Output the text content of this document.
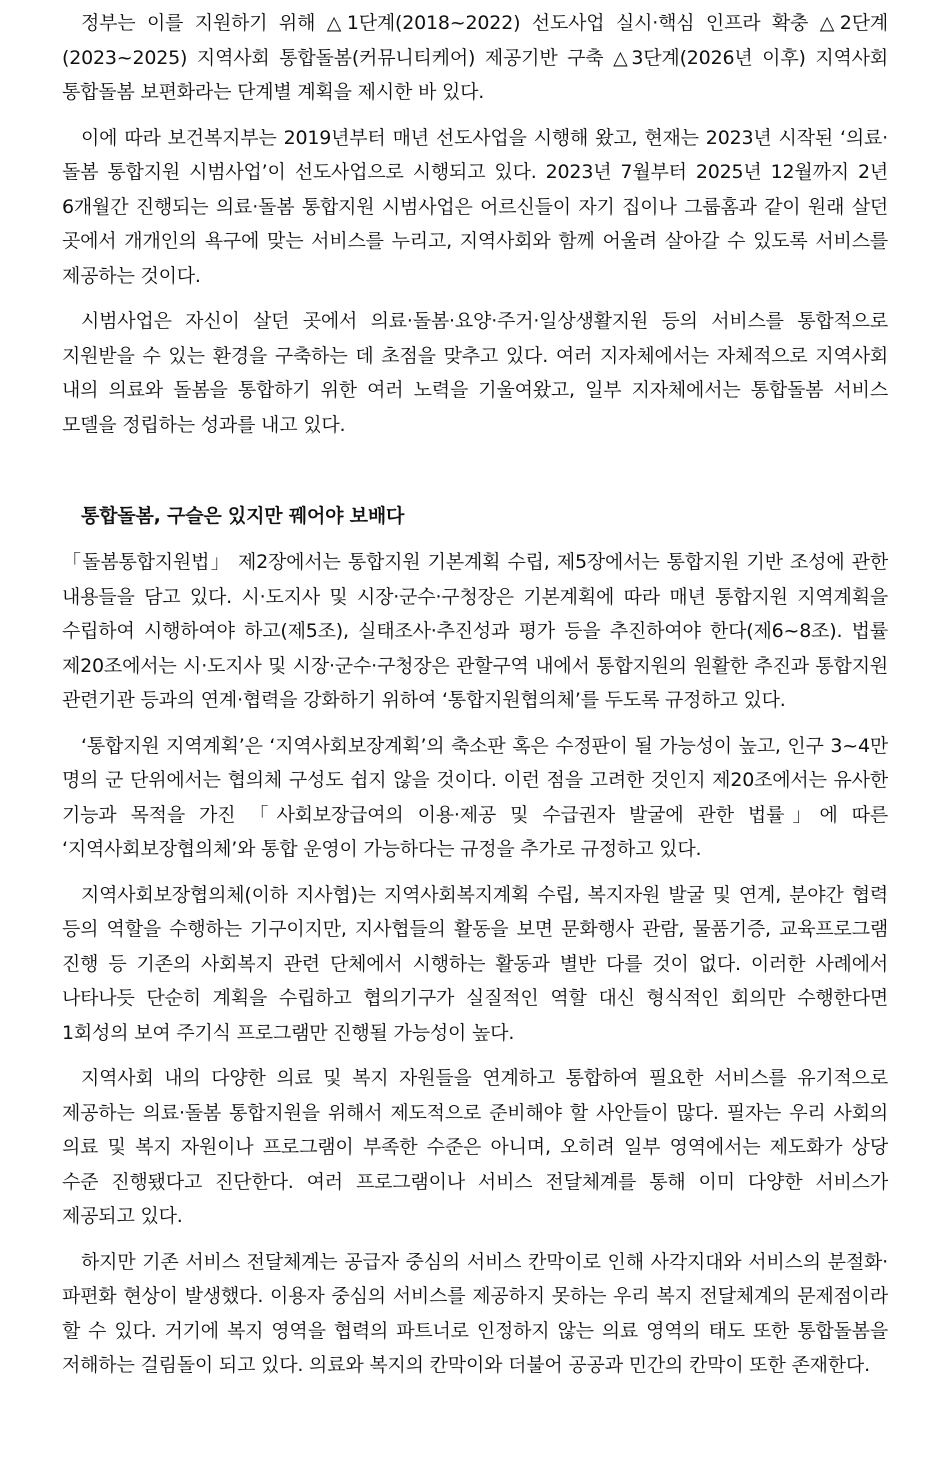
정부는 이를 지원하기 위해 △1단계(2018~2022) 선도사업 실시·핵심 인프라 확충 △2단계(2023~2025) 지역사회 통합돌봄(커뮤니티케어) 제공기반 구축 △3단계(2026년 이후) 지역사회 통합돌봄 보편화라는 단계별 계획을 제시한 바 있다.

이에 따라 보건복지부는 2019년부터 매년 선도사업을 시행해 왔고, 현재는 2023년 시작된 ‘의료·돌봄 통합지원 시범사업’이 선도사업으로 시행되고 있다. 2023년 7월부터 2025년 12월까지 2년 6개월간 진행되는 의료·돌봄 통합지원 시범사업은 어르신들이 자기 집이나 그룹홈과 같이 원래 살던 곳에서 개개인의 욕구에 맞는 서비스를 누리고, 지역사회와 함께 어울려 살아갈 수 있도록 서비스를 제공하는 것이다.

시범사업은 자신이 살던 곳에서 의료·돌봄·요양·주거·일상생활지원 등의 서비스를 통합적으로 지원받을 수 있는 환경을 구축하는 데 초점을 맞추고 있다. 여러 지자체에서는 자체적으로 지역사회 내의 의료와 돌봄을 통합하기 위한 여러 노력을 기울여왔고, 일부 지자체에서는 통합돌봄 서비스 모델을 정립하는 성과를 내고 있다.

통합돌봄, 구슬은 있지만 꿰어야 보배다

「돌봄통합지원법」 제2장에서는 통합지원 기본계획 수립, 제5장에서는 통합지원 기반 조성에 관한 내용들을 담고 있다. 시·도지사 및 시장·군수·구청장은 기본계획에 따라 매년 통합지원 지역계획을 수립하여 시행하여야 하고(제5조), 실태조사·추진성과 평가 등을 추진하여야 한다(제6~8조). 법률 제20조에서는 시·도지사 및 시장·군수·구청장은 관할구역 내에서 통합지원의 원활한 추진과 통합지원 관련기관 등과의 연계·협력을 강화하기 위하여 ‘통합지원협의체’를 두도록 규정하고 있다.

‘통합지원 지역계획’은 ‘지역사회보장계획’의 축소판 혹은 수정판이 될 가능성이 높고, 인구 3~4만 명의 군 단위에서는 협의체 구성도 쉽지 않을 것이다. 이런 점을 고려한 것인지 제20조에서는 유사한 기능과 목적을 가진 「사회보장급여의 이용·제공 및 수급권자 발굴에 관한 법률」에 따른 ‘지역사회보장협의체’와 통합 운영이 가능하다는 규정을 추가로 규정하고 있다.

지역사회보장협의체(이하 지사협)는 지역사회복지계획 수립, 복지자원 발굴 및 연계, 분야간 협력 등의 역할을 수행하는 기구이지만, 지사협들의 활동을 보면 문화행사 관람, 물품기증, 교육프로그램 진행 등 기존의 사회복지 관련 단체에서 시행하는 활동과 별반 다를 것이 없다. 이러한 사례에서 나타나듯 단순히 계획을 수립하고 협의기구가 실질적인 역할 대신 형식적인 회의만 수행한다면 1회성의 보여 주기식 프로그램만 진행될 가능성이 높다.

지역사회 내의 다양한 의료 및 복지 자원들을 연계하고 통합하여 필요한 서비스를 유기적으로 제공하는 의료·돌봄 통합지원을 위해서 제도적으로 준비해야 할 사안들이 많다. 필자는 우리 사회의 의료 및 복지 자원이나 프로그램이 부족한 수준은 아니며, 오히려 일부 영역에서는 제도화가 상당 수준 진행됐다고 진단한다. 여러 프로그램이나 서비스 전달체계를 통해 이미 다양한 서비스가 제공되고 있다.

하지만 기존 서비스 전달체계는 공급자 중심의 서비스 칸막이로 인해 사각지대와 서비스의 분절화·파편화 현상이 발생했다. 이용자 중심의 서비스를 제공하지 못하는 우리 복지 전달체계의 문제점이라 할 수 있다. 거기에 복지 영역을 협력의 파트너로 인정하지 않는 의료 영역의 태도 또한 통합돌봄을 저해하는 걸림돌이 되고 있다. 의료와 복지의 칸막이와 더불어 공공과 민간의 칸막이 또한 존재한다.
